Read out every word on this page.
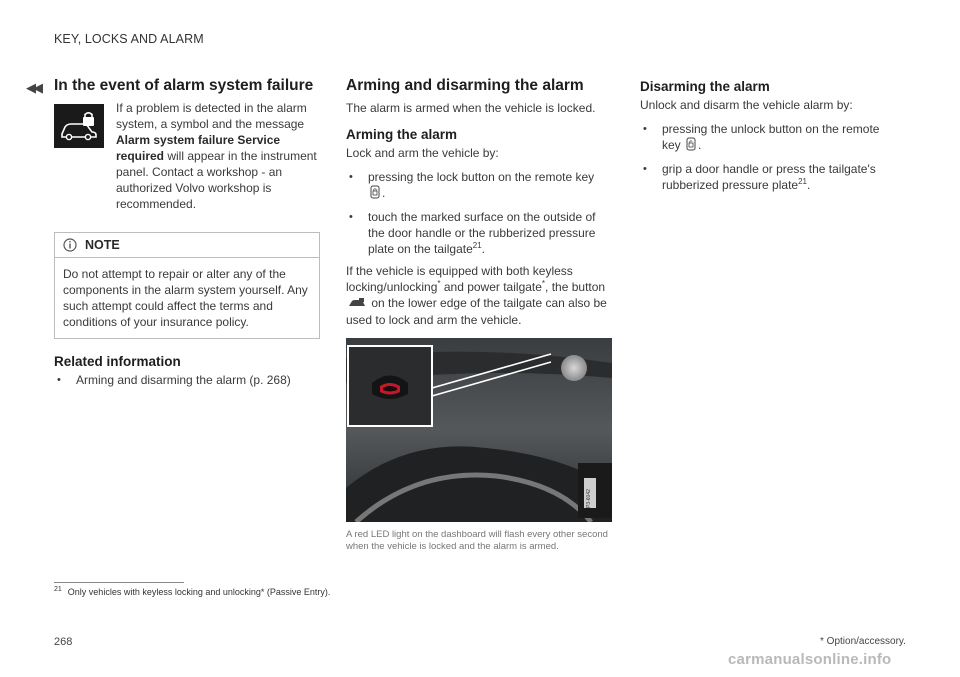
KEY, LOCKS AND ALARM
◀◀ In the event of alarm system failure
If a problem is detected in the alarm system, a symbol and the message Alarm system failure Service required will appear in the instrument panel. Contact a workshop - an authorized Volvo workshop is recommended.
NOTE
Do not attempt to repair or alter any of the components in the alarm system yourself. Any such attempt could affect the terms and conditions of your insurance policy.
Related information
• Arming and disarming the alarm (p. 268)
Arming and disarming the alarm

The alarm is armed when the vehicle is locked.

Arming the alarm

Lock and arm the vehicle by:

• pressing the lock button on the remote key
.
• touch the marked surface on the outside of the door handle or the rubberized pressure plate on the tailgate$^{21}$.

If the vehicle is equipped with both keyless locking/unlocking* and power tailgate*, the button
on the lower edge of the tailgate can also be used to lock and arm the vehicle.

P3-6042
A red LED light on the dashboard will flash every other second when the vehicle is locked and the alarm is armed.
Disarming the alarm

Unlock and disarm the vehicle alarm by:

• pressing the unlock button on the remote key .
• grip a door handle or press the tailgate's rubberized pressure plate$^{21}$.
$^{21}$ Only vehicles with keyless locking and unlocking* (Passive Entry).
268	* Option/accessory.
carmanualsonline.info
